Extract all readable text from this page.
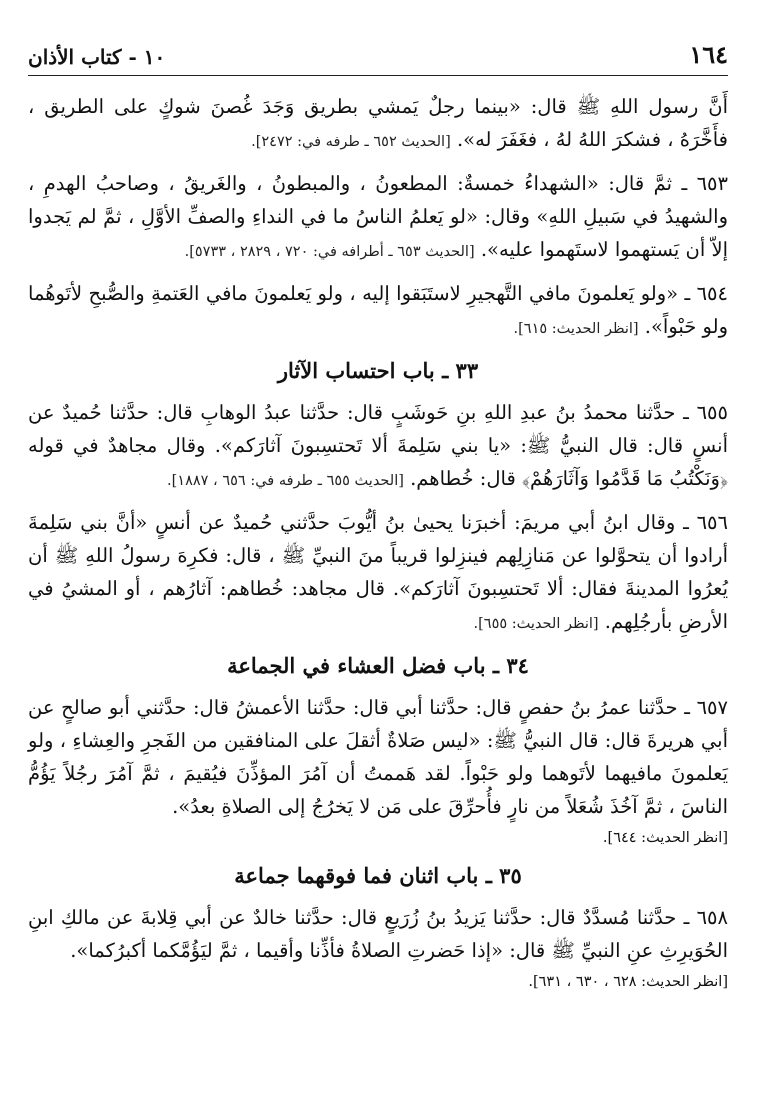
١٦٤
١٠ - كتاب الأذان

أَنَّ رسول اللهِ ﷺ قال: «بينما رجلٌ يَمشي بطريق وَجَدَ غُصنَ شوكٍ على الطريق ، فأَخَّرَهُ ، فشكرَ اللهُ لهُ ، فغَفَرَ له». [الحديث ٦٥٢ ـ طرفه في: ٢٤٧٢].

٦٥٣ ـ ثمَّ قال: «الشهداءُ خمسةٌ: المطعونُ ، والمبطونُ ، والغَريقُ ، وصاحبُ الهدمِ ، والشهيدُ في سَبيلِ اللهِ» وقال: «لو يَعلمُ الناسُ ما في النداءِ والصفِّ الأوَّلِ ، ثمَّ لم يَجدوا إلاّ أن يَستهموا لاستَهموا عليه». [الحديث ٦٥٣ ـ أطرافه في: ٧٢٠ ، ٢٨٢٩ ، ٥٧٣٣].

٦٥٤ ـ «ولو يَعلمونَ مافي التَّهجيرِ لاستَبَقوا إليه ، ولو يَعلمونَ مافي العَتمةِ والصُّبحِ لأتَوهُما ولو حَبْواً». [انظر الحديث: ٦١٥].

٣٣ ـ باب احتساب الآثار

٦٥٥ ـ حدَّثنا محمدُ بنُ عبدِ اللهِ بنِ حَوشَبٍ قال: حدَّثنا عبدُ الوهابِ قال: حدَّثنا حُميدٌ عن أنسٍ قال: قال النبيُّ ﷺ: «يا بني سَلِمةَ ألا تَحتسِبونَ آثارَكم». وقال مجاهدٌ في قوله ﴿وَنَكْتُبُ مَا قَدَّمُوا وَآثَارَهُمْ﴾ قال: خُطاهم. [الحديث ٦٥٥ ـ طرفه في: ٦٥٦ ، ١٨٨٧].

٦٥٦ ـ وقال ابنُ أبي مريمَ: أخبرَنا يحيىٰ بنُ أيُّوبَ حدَّثني حُميدٌ عن أنسٍ «أنَّ بني سَلِمةَ أرادوا أن يتحوَّلوا عن مَنازِلِهم فينزِلوا قريباً منَ النبيِّ ﷺ ، قال: فكرِهَ رسولُ اللهِ ﷺ أن يُعرُوا المدينةَ فقال: ألا تَحتسِبونَ آثارَكم». قال مجاهد: خُطاهم: آثارُهم ، أو المشيُ في الأرضِ بأرجُلِهم. [انظر الحديث: ٦٥٥].

٣٤ ـ باب فضل العشاء في الجماعة

٦٥٧ ـ حدَّثنا عمرُ بنُ حفصٍ قال: حدَّثنا أبي قال: حدَّثنا الأعمشُ قال: حدَّثني أبو صالحٍ عن أبي هريرةَ قال: قال النبيُّ ﷺ: «ليس صَلاةٌ أثقلَ على المنافقين من الفَجرِ والعِشاءِ ، ولو يَعلمونَ مافيهما لأتَوهما ولو حَبْواً. لقد هَممتُ أن آمُرَ المؤذِّنَ فيُقيمَ ، ثمَّ آمُرَ رجُلاً يَؤُمُّ الناسَ ، ثمَّ آخُذَ شُعَلاً من نارٍ فأُحرِّقَ على مَن لا يَخرُجُ إلى الصلاةِ بعدُ».

[انظر الحديث: ٦٤٤].
٣٥ ـ باب اثنان فما فوقهما جماعة

٦٥٨ ـ حدَّثنا مُسدَّدٌ قال: حدَّثنا يَزيدُ بنُ زُرَيعٍ قال: حدَّثنا خالدٌ عن أبي قِلابةَ عن مالكِ ابنِ الحُوَيرِثِ عنِ النبيِّ ﷺ قال: «إذا حَضرتِ الصلاةُ فأذِّنا وأقيما ، ثمَّ ليَؤُمَّكما أكبرُكما».

[انظر الحديث: ٦٢٨ ، ٦٣٠ ، ٦٣١].
